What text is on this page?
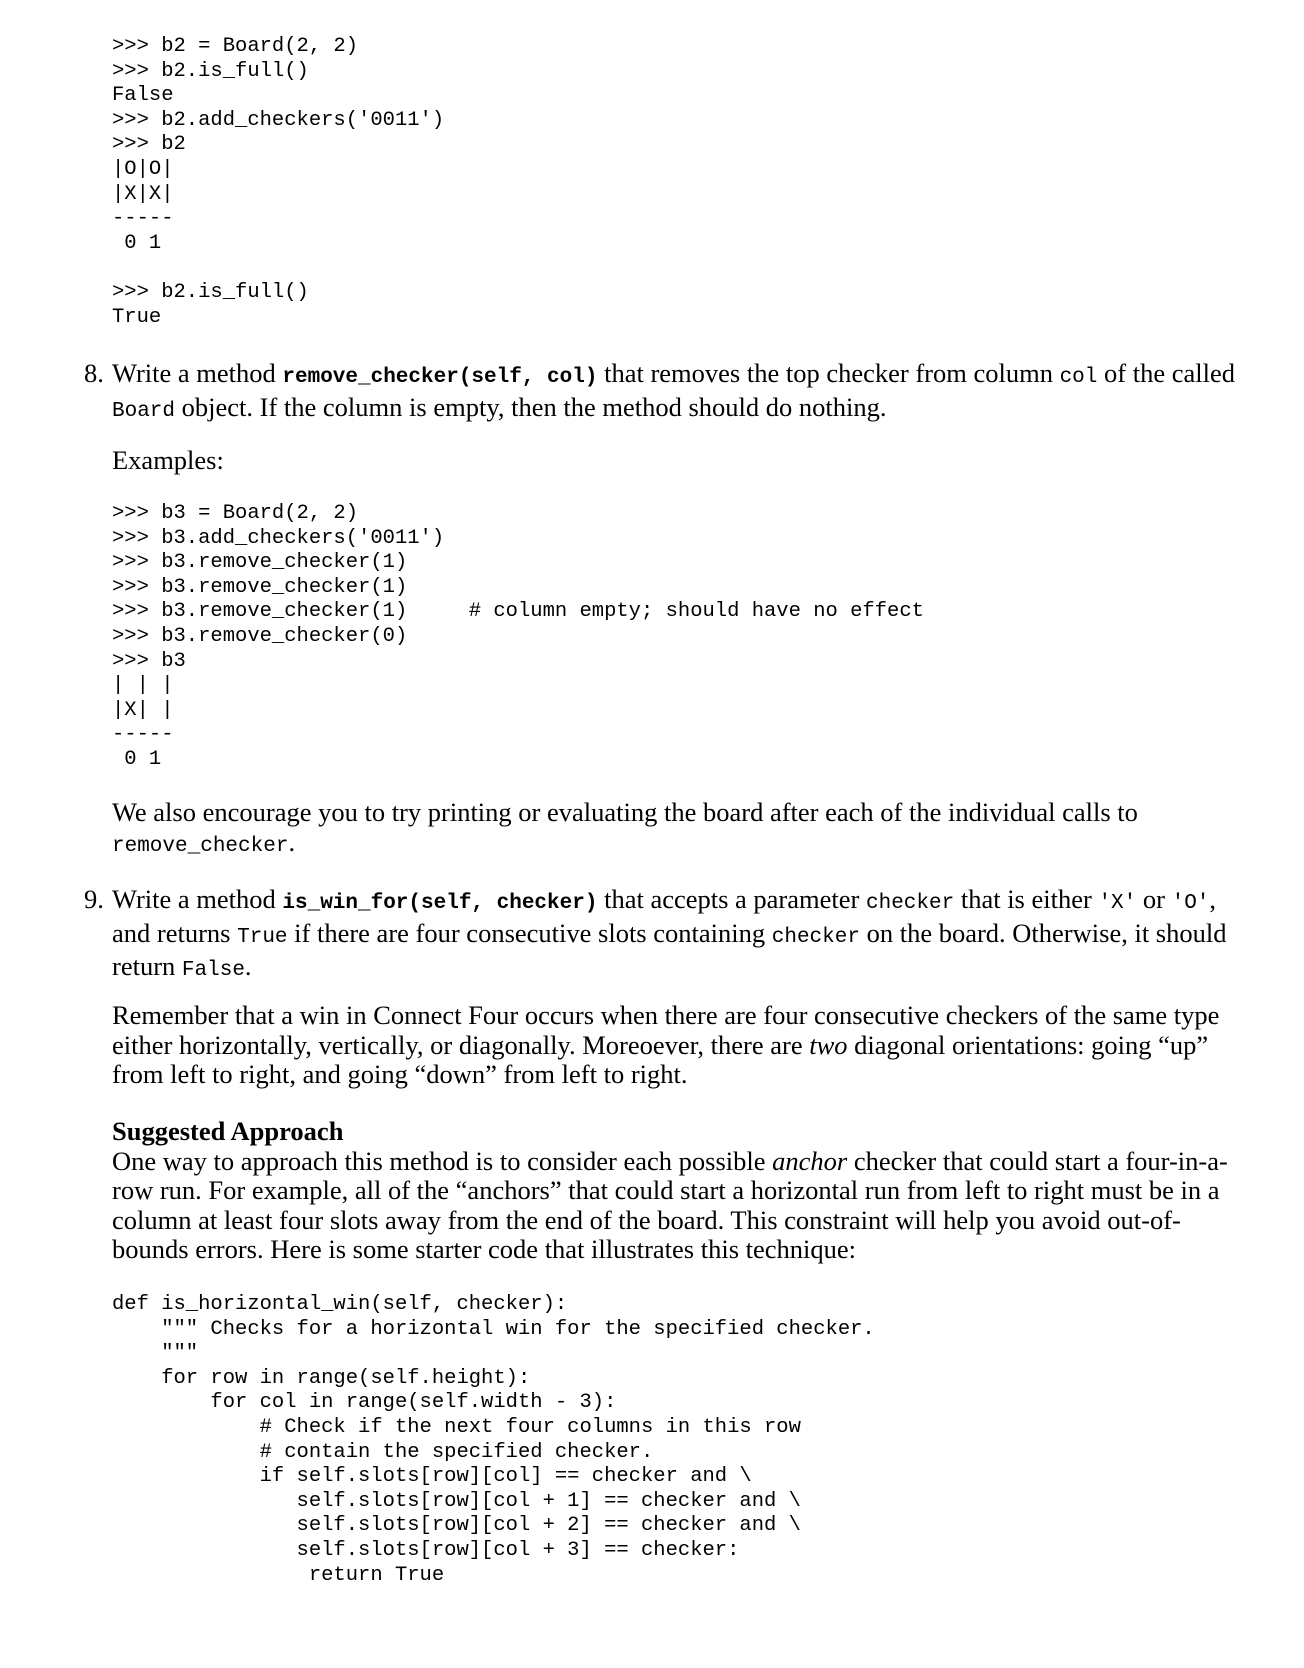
>>> b2 = Board(2, 2)
>>> b2.is_full()
False
>>> b2.add_checkers('0011')
>>> b2
|O|O|
|X|X|
-----
0 1

>>> b2.is_full()
True
8. Write a method remove_checker(self, col) that removes the top checker from column col of the called Board object. If the column is empty, then the method should do nothing.
Examples:
>>> b3 = Board(2, 2)
>>> b3.add_checkers('0011')
>>> b3.remove_checker(1)
>>> b3.remove_checker(1)
>>> b3.remove_checker(1)     # column empty; should have no effect
>>> b3.remove_checker(0)
>>> b3
| | |
|X| |
-----
0 1
We also encourage you to try printing or evaluating the board after each of the individual calls to remove_checker.
9. Write a method is_win_for(self, checker) that accepts a parameter checker that is either 'X' or 'O', and returns True if there are four consecutive slots containing checker on the board. Otherwise, it should return False.
Remember that a win in Connect Four occurs when there are four consecutive checkers of the same type either horizontally, vertically, or diagonally. Moreoever, there are two diagonal orientations: going “up” from left to right, and going “down” from left to right.
Suggested Approach
One way to approach this method is to consider each possible anchor checker that could start a four-in-a-row run. For example, all of the “anchors” that could start a horizontal run from left to right must be in a column at least four slots away from the end of the board. This constraint will help you avoid out-of-bounds errors. Here is some starter code that illustrates this technique:
def is_horizontal_win(self, checker):
""" Checks for a horizontal win for the specified checker.
"""
for row in range(self.height):
for col in range(self.width - 3):
# Check if the next four columns in this row
# contain the specified checker.
if self.slots[row][col] == checker and \
self.slots[row][col + 1] == checker and \
self.slots[row][col + 2] == checker and \
self.slots[row][col + 3] == checker:
return True
